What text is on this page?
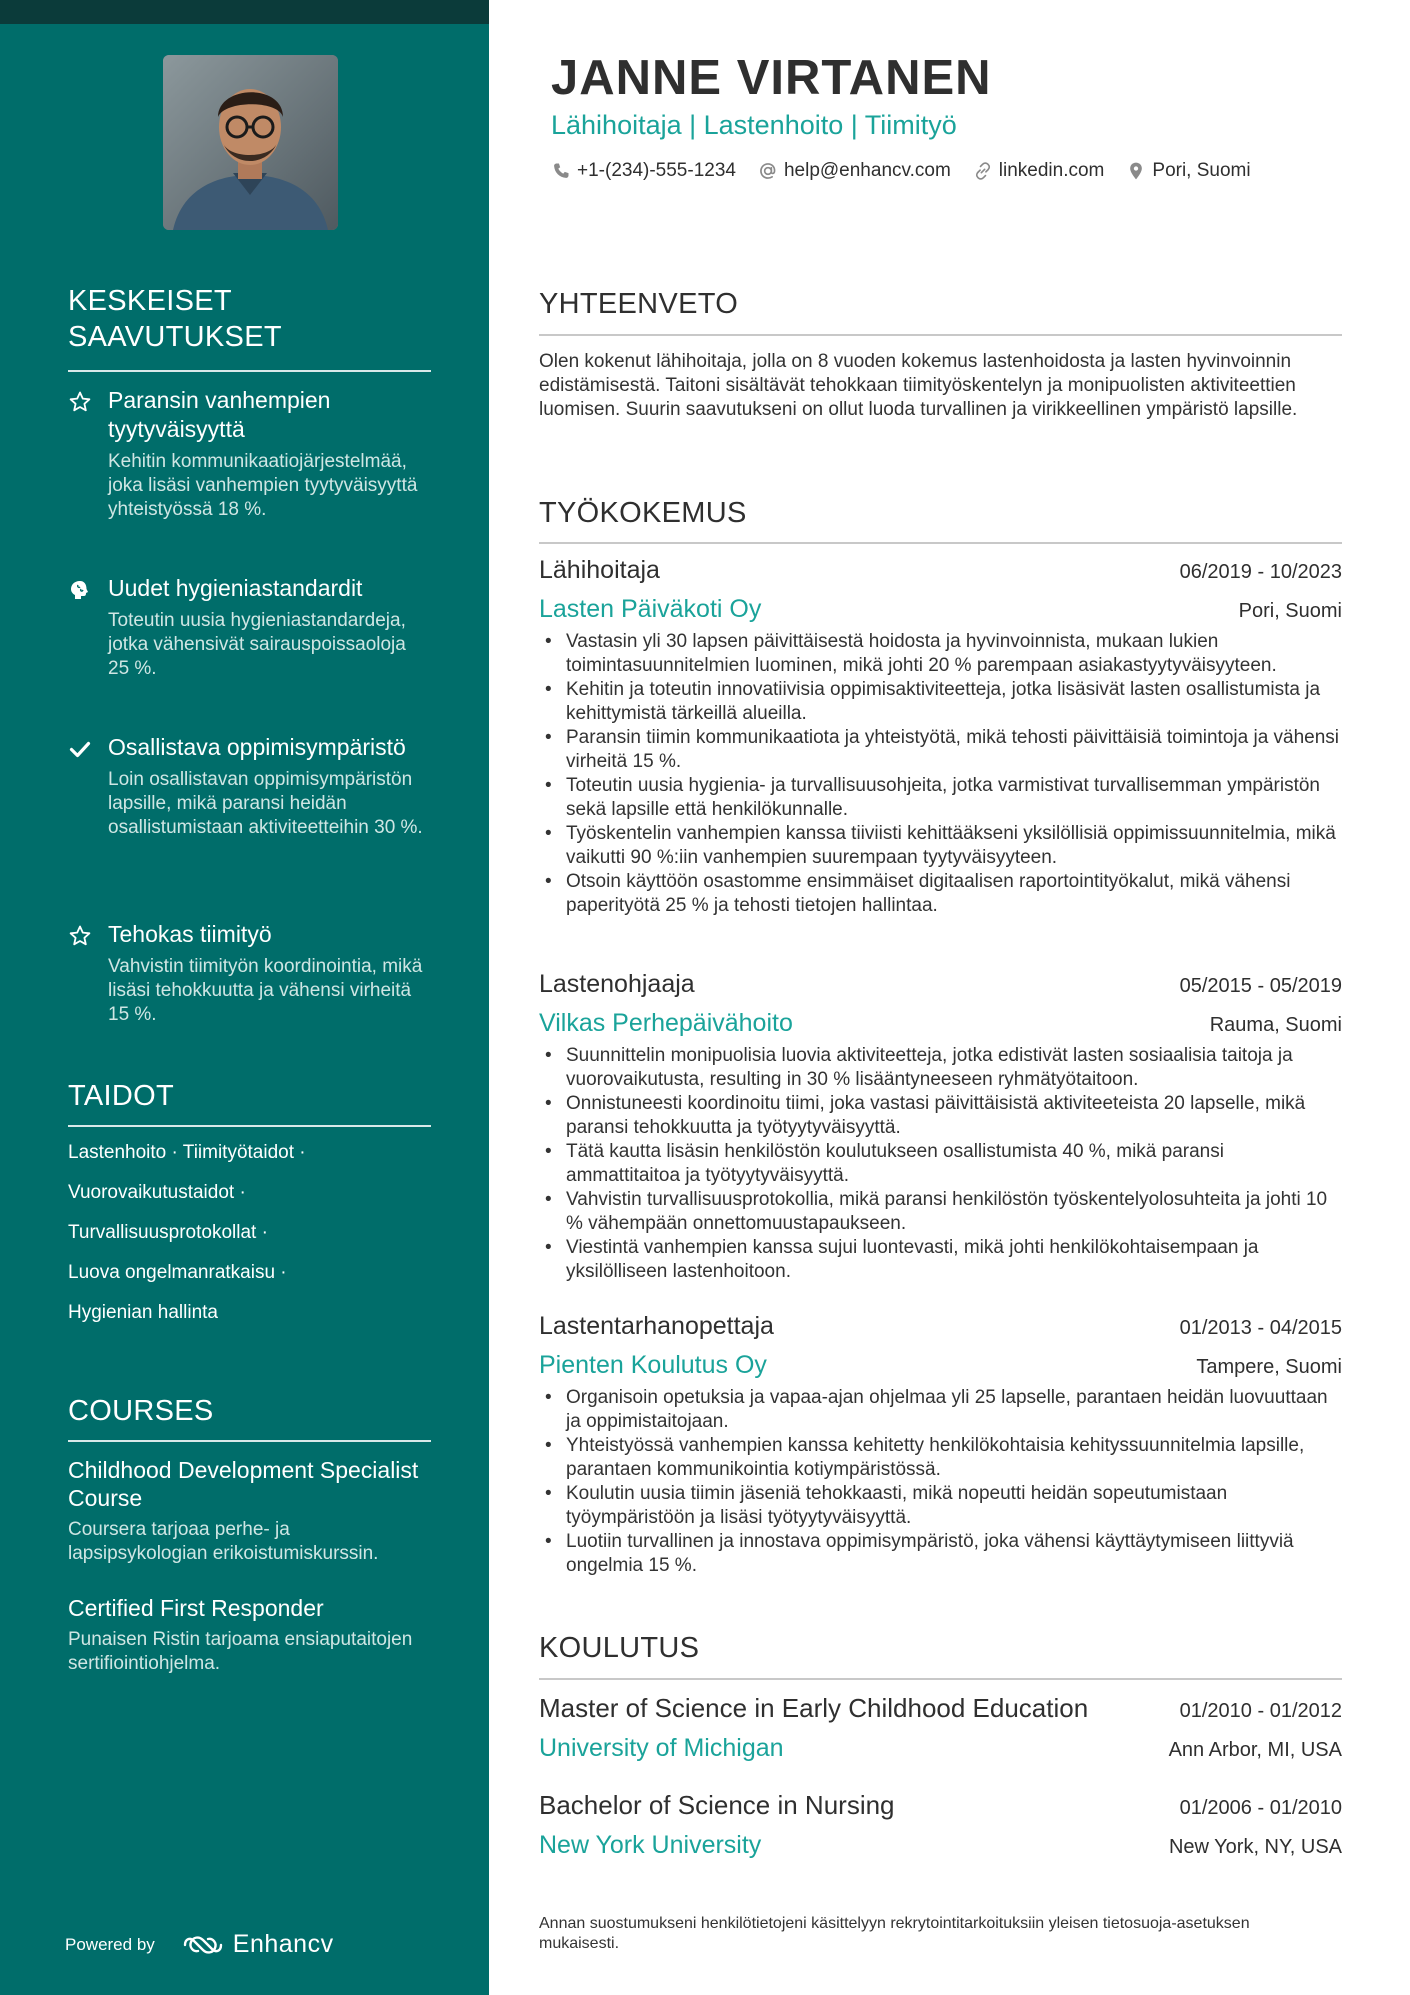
KESKEISET SAAVUTUKSET
Paransin vanhempien tyytyväisyyttä
Kehitin kommunikaatiojärjestelmää, joka lisäsi vanhempien tyytyväisyyttä yhteistyössä 18 %.
Uudet hygieniastandardit
Toteutin uusia hygieniastandardeja, jotka vähensivät sairauspoissaoloja 25 %.
Osallistava oppimisympäristö
Loin osallistavan oppimisympäristön lapsille, mikä paransi heidän osallistumistaan aktiviteetteihin 30 %.
Tehokas tiimityö
Vahvistin tiimityön koordinointia, mikä lisäsi tehokkuutta ja vähensi virheitä 15 %.
TAIDOT
Lastenhoito · Tiimityötaidot ·
Vuorovaikutustaidot ·
Turvallisuusprotokollat ·
Luova ongelmanratkaisu ·
Hygienian hallinta
COURSES
Childhood Development Specialist Course
Coursera tarjoaa perhe- ja lapsipsykologian erikoistumiskurssin.
Certified First Responder
Punaisen Ristin tarjoama ensiaputaitojen sertifiointiohjelma.
Powered by	Enhancv
JANNE VIRTANEN
Lähihoitaja | Lastenhoito | Tiimityö
+1-(234)-555-1234	help@enhancv.com	linkedin.com	Pori, Suomi
YHTEENVETO
Olen kokenut lähihoitaja, jolla on 8 vuoden kokemus lastenhoidosta ja lasten hyvinvoinnin edistämisestä. Taitoni sisältävät tehokkaan tiimityöskentelyn ja monipuolisten aktiviteettien luomisen. Suurin saavutukseni on ollut luoda turvallinen ja virikkeellinen ympäristö lapsille.
TYÖKOKEMUS
Lähihoitaja	06/2019 - 10/2023
Lasten Päiväkoti Oy	Pori, Suomi
• Vastasin yli 30 lapsen päivittäisestä hoidosta ja hyvinvoinnista, mukaan lukien toimintasuunnitelmien luominen, mikä johti 20 % parempaan asiakastyytyväisyyteen.
• Kehitin ja toteutin innovatiivisia oppimisaktiviteetteja, jotka lisäsivät lasten osallistumista ja kehittymistä tärkeillä alueilla.
• Paransin tiimin kommunikaatiota ja yhteistyötä, mikä tehosti päivittäisiä toimintoja ja vähensi virheitä 15 %.
• Toteutin uusia hygienia- ja turvallisuusohjeita, jotka varmistivat turvallisemman ympäristön sekä lapsille että henkilökunnalle.
• Työskentelin vanhempien kanssa tiiviisti kehittääkseni yksilöllisiä oppimissuunnitelmia, mikä vaikutti 90 %:iin vanhempien suurempaan tyytyväisyyteen.
• Otsoin käyttöön osastomme ensimmäiset digitaalisen raportointityökalut, mikä vähensi paperityötä 25 % ja tehosti tietojen hallintaa.
Lastenohjaaja	05/2015 - 05/2019
Vilkas Perhepäivähoito	Rauma, Suomi
• Suunnittelin monipuolisia luovia aktiviteetteja, jotka edistivät lasten sosiaalisia taitoja ja vuorovaikutusta, resulting in 30 % lisääntyneeseen ryhmätyötaitoon.
• Onnistuneesti koordinoitu tiimi, joka vastasi päivittäisistä aktiviteeteista 20 lapselle, mikä paransi tehokkuutta ja työtyytyväisyyttä.
• Tätä kautta lisäsin henkilöstön koulutukseen osallistumista 40 %, mikä paransi ammattitaitoa ja työtyytyväisyyttä.
• Vahvistin turvallisuusprotokollia, mikä paransi henkilöstön työskentelyolosuhteita ja johti 10 % vähempään onnettomuustapaukseen.
• Viestintä vanhempien kanssa sujui luontevasti, mikä johti henkilökohtaisempaan ja yksilölliseen lastenhoitoon.
Lastentarhanopettaja	01/2013 - 04/2015
Pienten Koulutus Oy	Tampere, Suomi
• Organisoin opetuksia ja vapaa-ajan ohjelmaa yli 25 lapselle, parantaen heidän luovuuttaan ja oppimistaitojaan.
• Yhteistyössä vanhempien kanssa kehitetty henkilökohtaisia kehityssuunnitelmia lapsille, parantaen kommunikointia kotiympäristössä.
• Koulutin uusia tiimin jäseniä tehokkaasti, mikä nopeutti heidän sopeutumistaan työympäristöön ja lisäsi työtyytyväisyyttä.
• Luotiin turvallinen ja innostava oppimisympäristö, joka vähensi käyttäytymiseen liittyviä ongelmia 15 %.
KOULUTUS
Master of Science in Early Childhood Education	01/2010 - 01/2012
University of Michigan	Ann Arbor, MI, USA
Bachelor of Science in Nursing	01/2006 - 01/2010
New York University	New York, NY, USA
Annan suostumukseni henkilötietojeni käsittelyyn rekrytointitarkoituksiin yleisen tietosuoja-asetuksen mukaisesti.
